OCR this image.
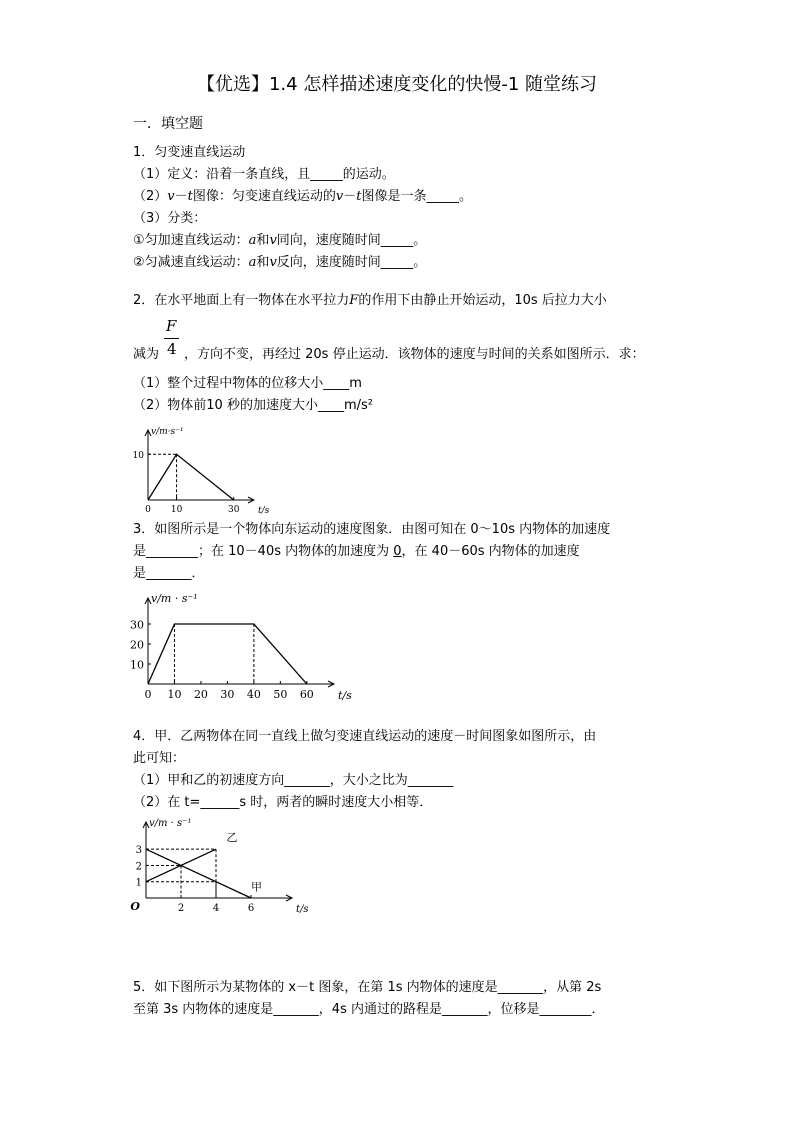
【优选】1.4 怎样描述速度变化的快慢-1 随堂练习
一．填空题
1．匀变速直线运动
（1）定义：沿着一条直线，且_____的运动。
（2）v－t图像：匀变速直线运动的v－t图像是一条_____。
（3）分类：
①匀加速直线运动：a和v同向，速度随时间_____。
②匀减速直线运动：a和v反向，速度随时间_____。
2．在水平地面上有一物体在水平拉力F的作用下由静止开始运动，10s 后拉力大小
F
4
减为 ，方向不变，再经过 20s 停止运动．该物体的速度与时间的关系如图所示．求：
（1）整个过程中物体的位移大小____m
（2）物体前10 秒的加速度大小____m/s²
v/m·s⁻¹
t/s
0 10	30
10
3．如图所示是一个物体向东运动的速度图象．由图可知在 0～10s 内物体的加速度
是________；在 10－40s 内物体的加速度为 0，在 40－60s 内物体的加速度
是_______．
v/m · s⁻¹
t/s
0 10 20 30 40 50 60
10
20
30
4．甲．乙两物体在同一直线上做匀变速直线运动的速度－时间图象如图所示，由
此可知：
（1）甲和乙的初速度方向_______，大小之比为_______
（2）在 t=______s 时，两者的瞬时速度大小相等．
v/m · s⁻¹
t/s
2	4	6
1
2
3
O
甲
乙
5．如下图所示为某物体的 x－t 图象，在第 1s 内物体的速度是_______，从第 2s
至第 3s 内物体的速度是_______，4s 内通过的路程是_______，位移是________．
